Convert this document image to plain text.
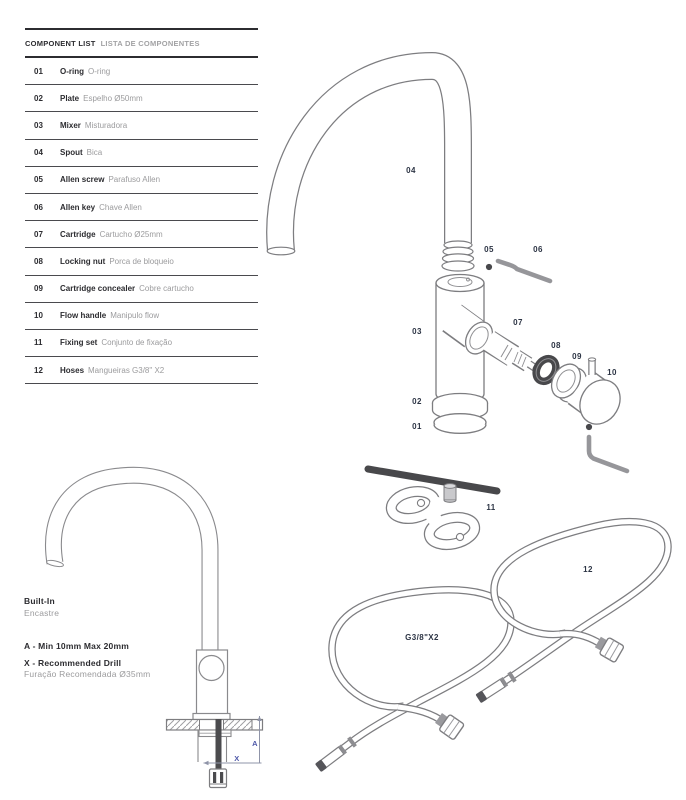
COMPONENT LIST LISTA DE COMPONENTES
01	O-ring O-ring
02	Plate Espelho Ø50mm
03	Mixer Misturadora
04	Spout Bica
05	Allen screw Parafuso Allen
06	Allen key Chave Allen
07	Cartridge Cartucho Ø25mm
08	Locking nut Porca de bloqueio
09	Cartridge concealer Cobre cartucho
10	Flow handle Manipulo flow
11	Fixing set Conjunto de fixação
12	Hoses Mangueiras G3/8" X2
Built-In
Encastre
A - Min 10mm Max 20mm
X - Recommended Drill
Furação Recomendada Ø35mm
04
05	06
03
07
08
09
10
02
01
11
12
G3/8"X2
A
X
